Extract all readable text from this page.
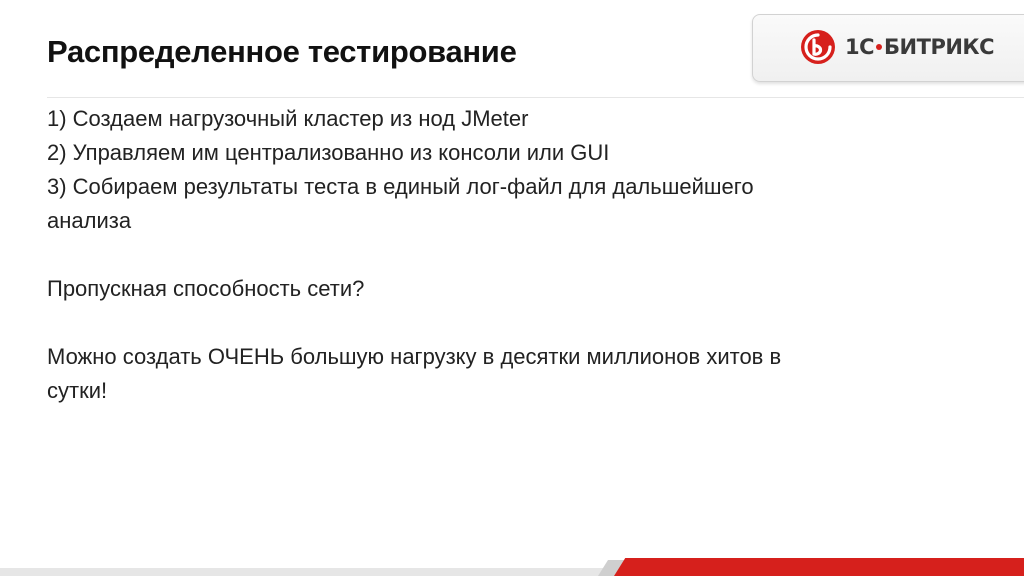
Распределенное тестирование	1С БИТРИКС
1) Создаем нагрузочный кластер из нод JMeter
2) Управляем им централизованно из консоли или GUI
3) Собираем результаты теста в единый лог-файл для дальшейшего
анализа
Пропускная способность сети?
Можно создать ОЧЕНЬ большую нагрузку в десятки миллионов хитов в
сутки!
